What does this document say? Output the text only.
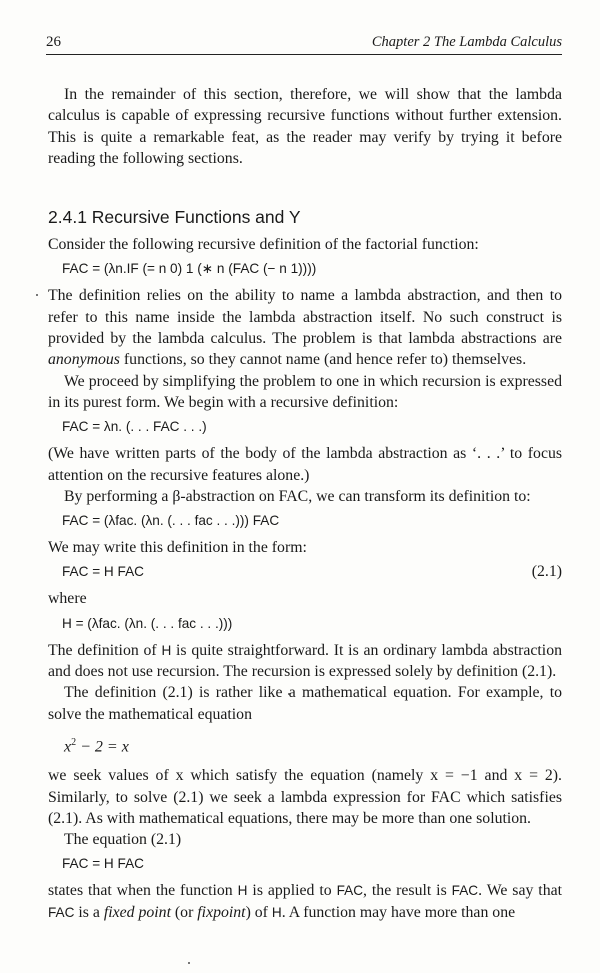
26	Chapter 2 The Lambda Calculus

In the remainder of this section, therefore, we will show that the lambda calculus is capable of expressing recursive functions without further extension. This is quite a remarkable feat, as the reader may verify by trying it before reading the following sections.

2.4.1 Recursive Functions and Y

Consider the following recursive definition of the factorial function:

FAC = (λn.IF (= n 0) 1 (∗ n (FAC (− n 1))))

The definition relies on the ability to name a lambda abstraction, and then to refer to this name inside the lambda abstraction itself. No such construct is provided by the lambda calculus. The problem is that lambda abstractions are anonymous functions, so they cannot name (and hence refer to) themselves.

We proceed by simplifying the problem to one in which recursion is expressed in its purest form. We begin with a recursive definition:

FAC = λn. (. . . FAC . . .)

(We have written parts of the body of the lambda abstraction as ‘. . .’ to focus attention on the recursive features alone.)

By performing a β-abstraction on FAC, we can transform its definition to:

FAC = (λfac. (λn. (. . . fac . . .))) FAC

We may write this definition in the form:

FAC = H FAC	(2.1)

where

H = (λfac. (λn. (. . . fac . . .)))

The definition of H is quite straightforward. It is an ordinary lambda abstraction and does not use recursion. The recursion is expressed solely by definition (2.1).

The definition (2.1) is rather like a mathematical equation. For example, to solve the mathematical equation

$x^2 - 2 = x$

we seek values of x which satisfy the equation (namely x = −1 and x = 2). Similarly, to solve (2.1) we seek a lambda expression for FAC which satisfies (2.1). As with mathematical equations, there may be more than one solution.

The equation (2.1)

FAC = H FAC

states that when the function H is applied to FAC, the result is FAC. We say that FAC is a fixed point (or fixpoint) of H. A function may have more than one
